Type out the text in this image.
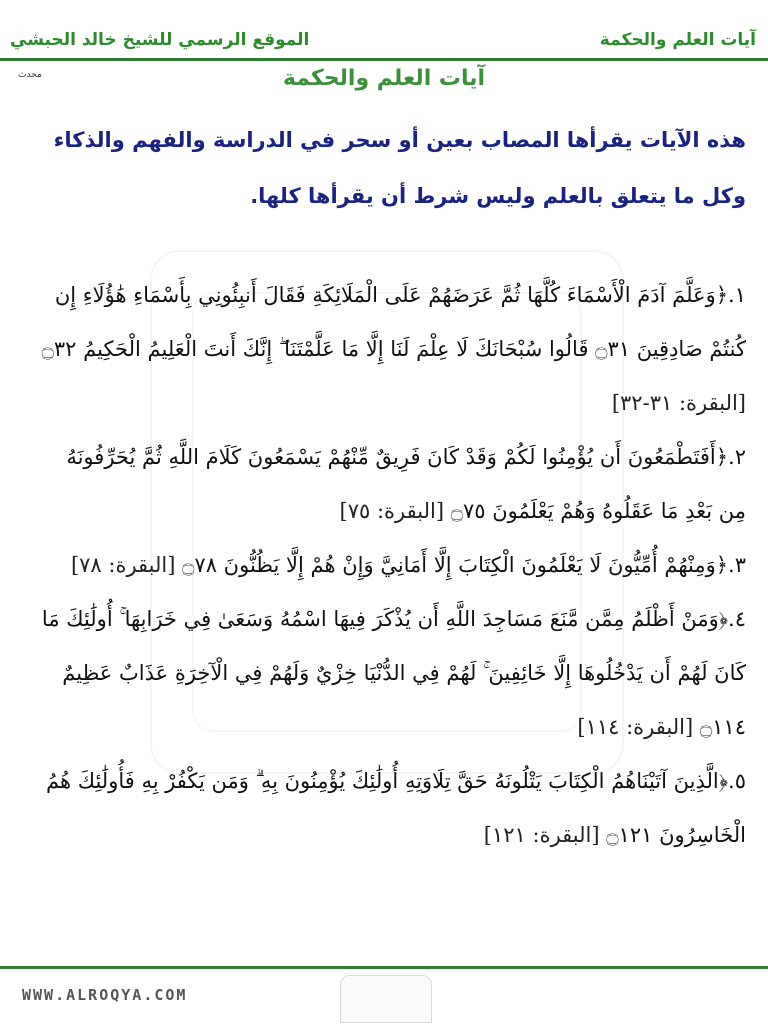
الموقع الرسمي للشيخ خالد الحبشي	آيات العلم والحكمة
محدث	آيات العلم والحكمة
هذه الآيات يقرأها المصاب بعين أو سحر في الدراسة والفهم والذكاء وكل ما يتعلق بالعلم وليس شرط أن يقرأها كلها.
١.﴿وَعَلَّمَ آدَمَ الْأَسْمَاءَ كُلَّهَا ثُمَّ عَرَضَهُمْ عَلَى الْمَلَائِكَةِ فَقَالَ أَنبِئُونِي بِأَسْمَاءِ هَٰؤُلَاءِ إِن كُنتُمْ صَادِقِينَ ۝٣١ قَالُوا سُبْحَانَكَ لَا عِلْمَ لَنَا إِلَّا مَا عَلَّمْتَنَا ۖ إِنَّكَ أَنتَ الْعَلِيمُ الْحَكِيمُ ۝٣٢ [البقرة: ٣١-٣٢]
٢.﴿أَفَتَطْمَعُونَ أَن يُؤْمِنُوا لَكُمْ وَقَدْ كَانَ فَرِيقٌ مِّنْهُمْ يَسْمَعُونَ كَلَامَ اللَّهِ ثُمَّ يُحَرِّفُونَهُ مِن بَعْدِ مَا عَقَلُوهُ وَهُمْ يَعْلَمُونَ ۝٧٥ [البقرة: ٧٥]
٣.﴿وَمِنْهُمْ أُمِّيُّونَ لَا يَعْلَمُونَ الْكِتَابَ إِلَّا أَمَانِيَّ وَإِنْ هُمْ إِلَّا يَظُنُّونَ ۝٧٨ [البقرة: ٧٨]
٤.﴿وَمَنْ أَظْلَمُ مِمَّن مَّنَعَ مَسَاجِدَ اللَّهِ أَن يُذْكَرَ فِيهَا اسْمُهُ وَسَعَىٰ فِي خَرَابِهَا ۚ أُولَٰئِكَ مَا كَانَ لَهُمْ أَن يَدْخُلُوهَا إِلَّا خَائِفِينَ ۚ لَهُمْ فِي الدُّنْيَا خِزْيٌ وَلَهُمْ فِي الْآخِرَةِ عَذَابٌ عَظِيمٌ ۝١١٤ [البقرة: ١١٤]
٥.﴿الَّذِينَ آتَيْنَاهُمُ الْكِتَابَ يَتْلُونَهُ حَقَّ تِلَاوَتِهِ أُولَٰئِكَ يُؤْمِنُونَ بِهِ ۗ وَمَن يَكْفُرْ بِهِ فَأُولَٰئِكَ هُمُ الْخَاسِرُونَ ۝١٢١ [البقرة: ١٢١]
WWW.ALROQYA.COM
